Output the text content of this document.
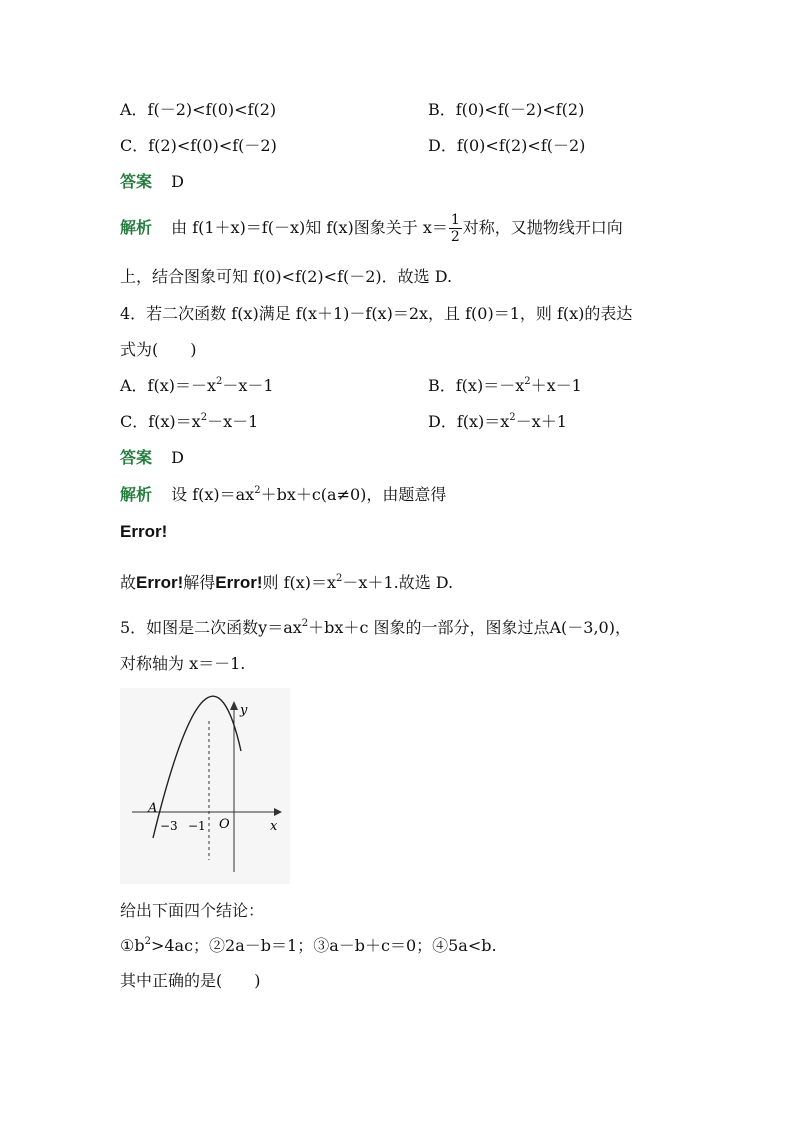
A．f(－2)<f(0)<f(2)	B．f(0)<f(－2)<f(2)
C．f(2)<f(0)<f(－2)	D．f(0)<f(2)<f(－2)
答案 D
解析 由 f(1＋x)＝f(－x)知 f(x)图象关于 $x= \frac{1}{2}$ 对称，又抛物线开口向
上，结合图象可知 f(0)<f(2)<f(－2)．故选 D.
4．若二次函数 f(x)满足 f(x＋1)－f(x)＝2x，且 f(0)＝1，则 f(x)的表达
式为(　　)
A．$f(x)=-x^2-x-1$	B．$f(x)=-x^2+x-1$
C．$f(x)=x^2-x-1$	D．$f(x)=x^2-x+1$
答案 D
解析 设 $f(x)=ax^2+bx+c(a\ne 0)$，由题意得
Error!
故Error!解得Error!则 $f(x)=x^2-x+1$.故选 D.
5．如图是二次函数$y=ax^2+bx+c$ 图象的一部分，图象过点A(－3,0)，
对称轴为 x＝－1.
y
x
O
A
−3 −1
给出下面四个结论：
$①b^2>4ac$；②2a－b＝1；③a－b＋c＝0；④5a<b.
其中正确的是(　　)
